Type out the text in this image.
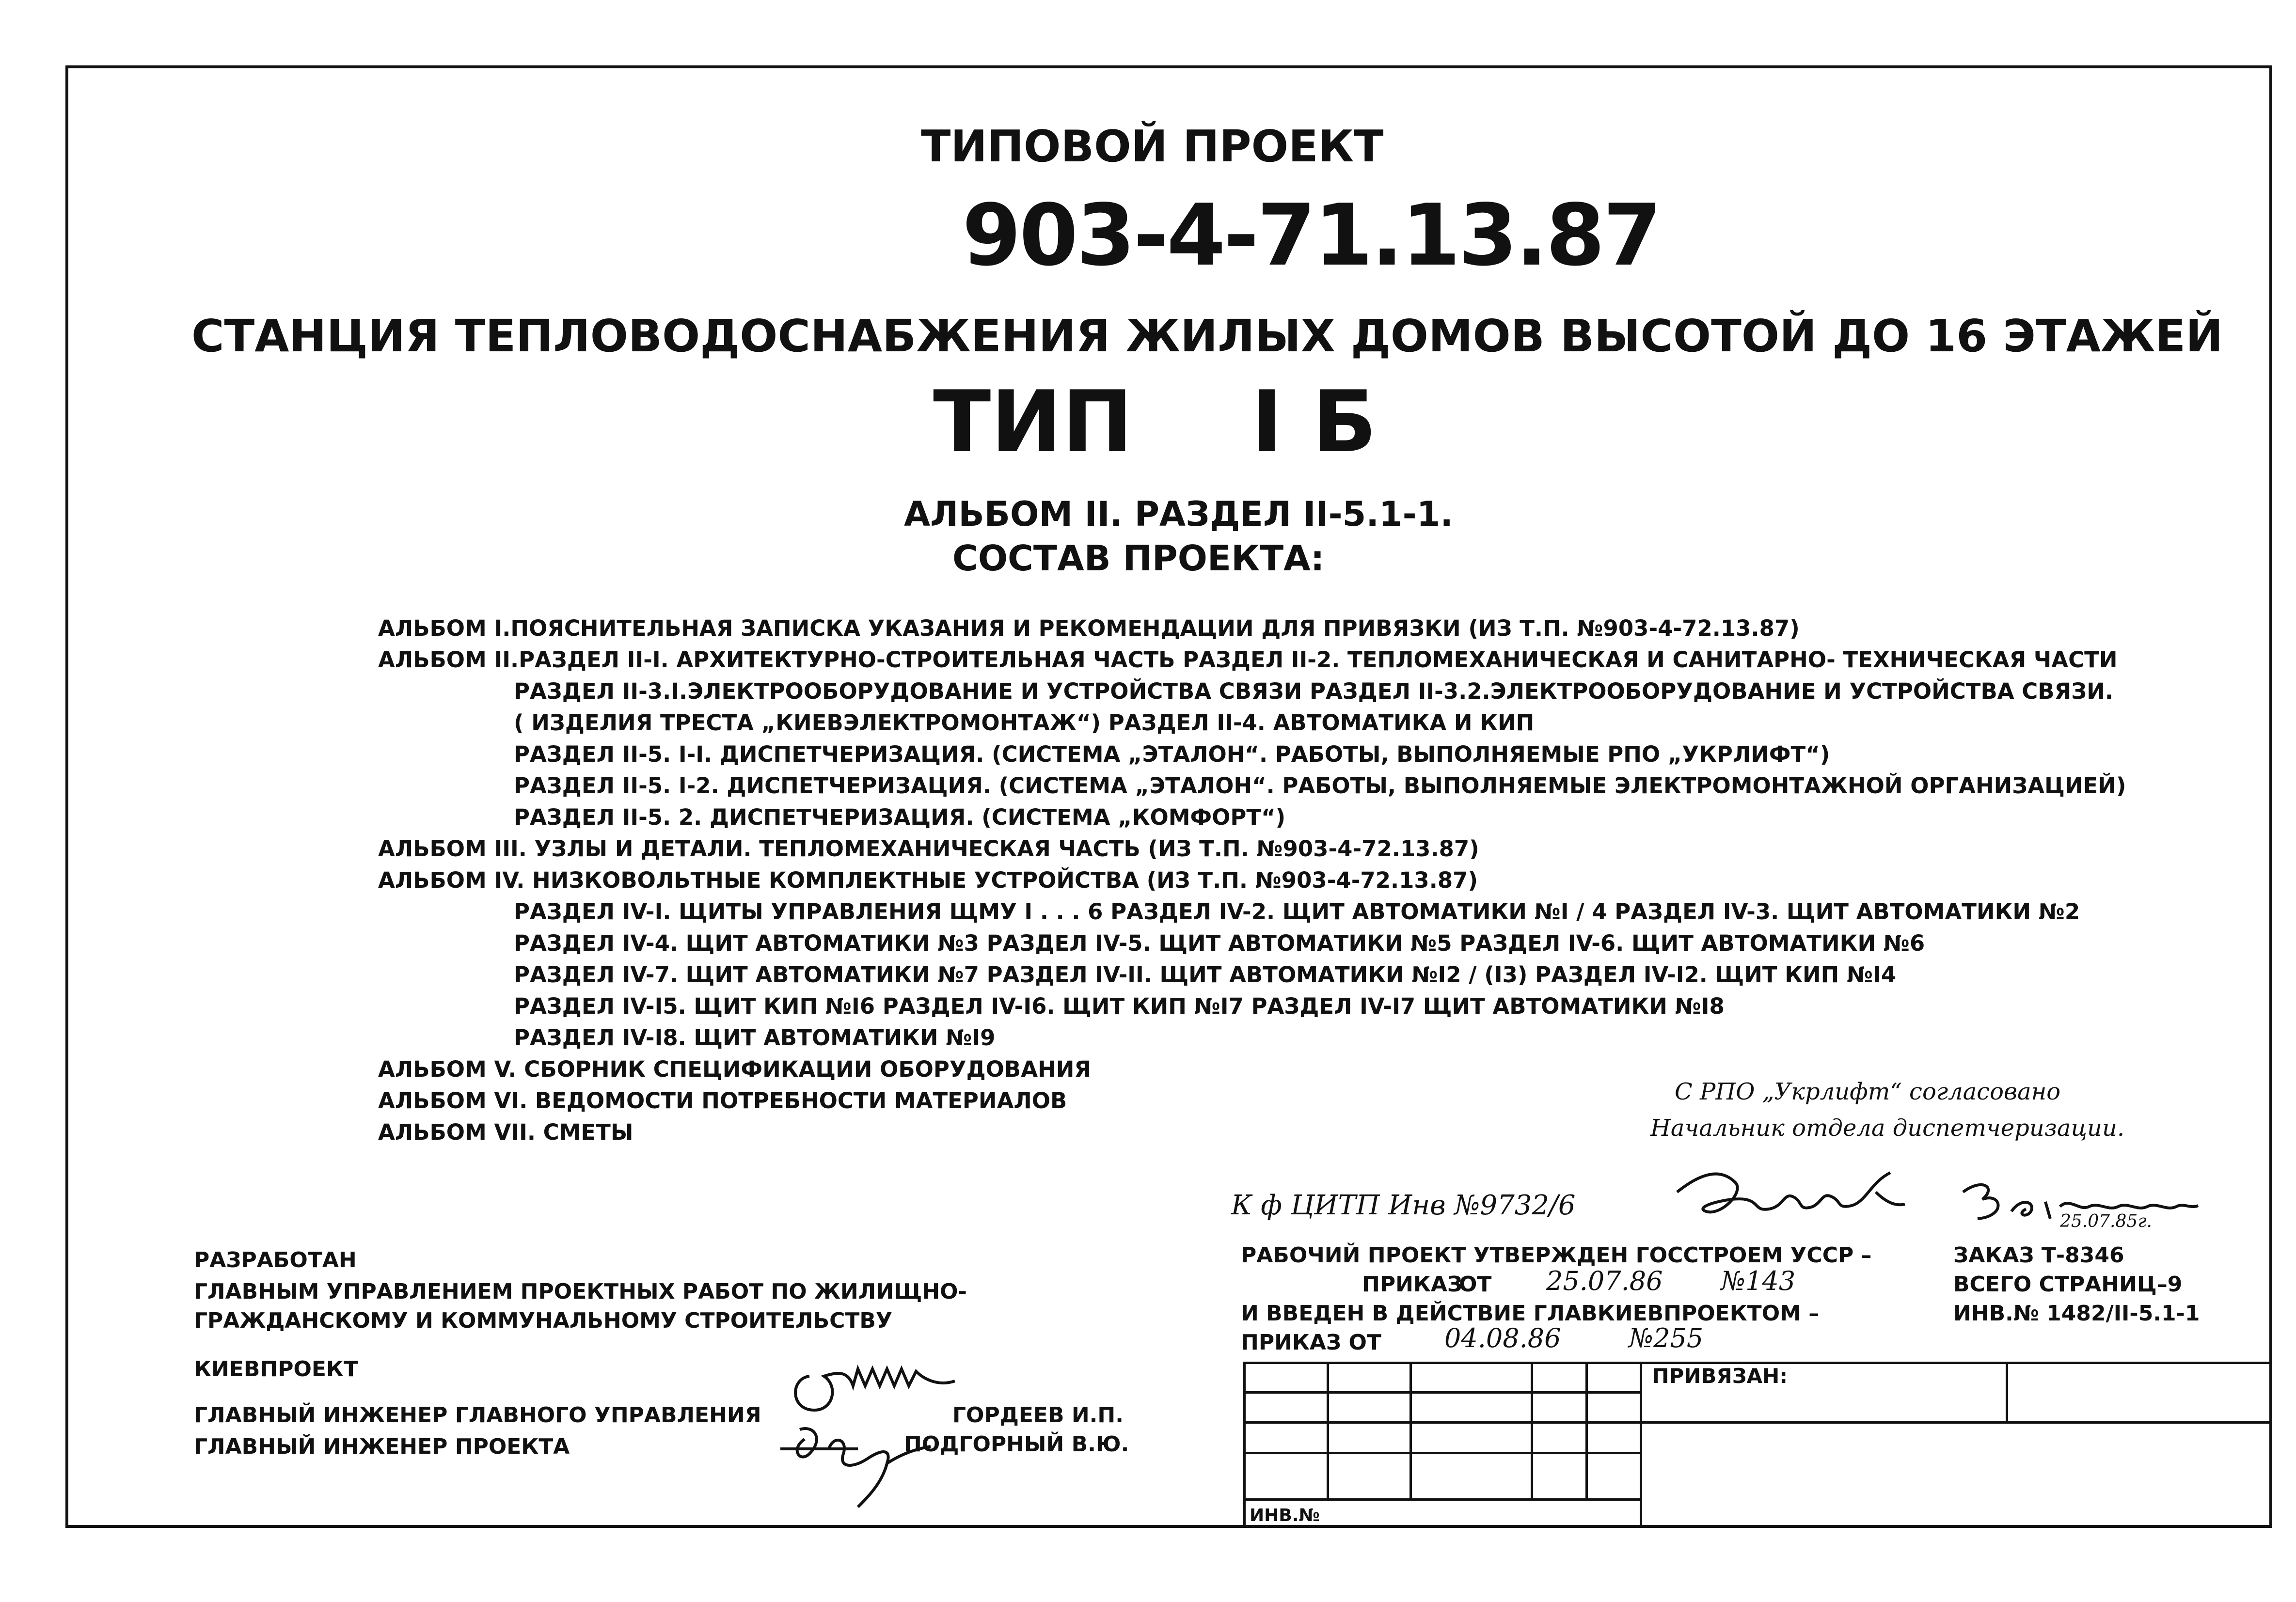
ТИПОВОЙ ПРОЕКТ
903-4-71.13.87
СТАНЦИЯ ТЕПЛОВОДОСНАБЖЕНИЯ ЖИЛЫХ ДОМОВ ВЫСОТОЙ ДО 16 ЭТАЖЕЙ
ТИП    I Б
АЛЬБОМ II. РАЗДЕЛ II-5.1-1.
СОСТАВ ПРОЕКТА:
АЛЬБОМ I.ПОЯСНИТЕЛЬНАЯ ЗАПИСКА УКАЗАНИЯ И РЕКОМЕНДАЦИИ ДЛЯ ПРИВЯЗКИ (ИЗ Т.П. №903-4-72.13.87)
АЛЬБОМ II.РАЗДЕЛ II-I. АРХИТЕКТУРНО-СТРОИТЕЛЬНАЯ ЧАСТЬ РАЗДЕЛ II-2. ТЕПЛОМЕХАНИЧЕСКАЯ И САНИТАРНО- ТЕХНИЧЕСКАЯ ЧАСТИ
РАЗДЕЛ II-3.I.ЭЛЕКТРООБОРУДОВАНИЕ И УСТРОЙСТВА СВЯЗИ РАЗДЕЛ II-3.2.ЭЛЕКТРООБОРУДОВАНИЕ И УСТРОЙСТВА СВЯЗИ.
( ИЗДЕЛИЯ ТРЕСТА „КИЕВЭЛЕКТРОМОНТАЖ“) РАЗДЕЛ II-4. АВТОМАТИКА И КИП
РАЗДЕЛ II-5. I-I. ДИСПЕТЧЕРИЗАЦИЯ. (СИСТЕМА „ЭТАЛОН“. РАБОТЫ, ВЫПОЛНЯЕМЫЕ РПО „УКРЛИФТ“)
РАЗДЕЛ II-5. I-2. ДИСПЕТЧЕРИЗАЦИЯ. (СИСТЕМА „ЭТАЛОН“. РАБОТЫ, ВЫПОЛНЯЕМЫЕ ЭЛЕКТРОМОНТАЖНОЙ ОРГАНИЗАЦИЕЙ)
РАЗДЕЛ II-5. 2. ДИСПЕТЧЕРИЗАЦИЯ. (СИСТЕМА „КОМФОРТ“)
АЛЬБОМ III. УЗЛЫ И ДЕТАЛИ. ТЕПЛОМЕХАНИЧЕСКАЯ ЧАСТЬ (ИЗ Т.П. №903-4-72.13.87)
АЛЬБОМ IV. НИЗКОВОЛЬТНЫЕ КОМПЛЕКТНЫЕ УСТРОЙСТВА (ИЗ Т.П. №903-4-72.13.87)
РАЗДЕЛ IV-I. ЩИТЫ УПРАВЛЕНИЯ ЩМУ I . . . 6 РАЗДЕЛ IV-2. ЩИТ АВТОМАТИКИ №I / 4 РАЗДЕЛ IV-3. ЩИТ АВТОМАТИКИ №2
РАЗДЕЛ IV-4. ЩИТ АВТОМАТИКИ №3 РАЗДЕЛ IV-5. ЩИТ АВТОМАТИКИ №5 РАЗДЕЛ IV-6. ЩИТ АВТОМАТИКИ №6
РАЗДЕЛ IV-7. ЩИТ АВТОМАТИКИ №7 РАЗДЕЛ IV-II. ЩИТ АВТОМАТИКИ №I2 / (I3) РАЗДЕЛ IV-I2. ЩИТ КИП №I4
РАЗДЕЛ IV-I5. ЩИТ КИП №I6 РАЗДЕЛ IV-I6. ЩИТ КИП №I7 РАЗДЕЛ IV-I7 ЩИТ АВТОМАТИКИ №I8
РАЗДЕЛ IV-I8. ЩИТ АВТОМАТИКИ №I9
АЛЬБОМ V. СБОРНИК СПЕЦИФИКАЦИИ ОБОРУДОВАНИЯ
АЛЬБОМ VI. ВЕДОМОСТИ ПОТРЕБНОСТИ МАТЕРИАЛОВ
АЛЬБОМ VII. СМЕТЫ
С РПО „Укрлифт“ согласовано
Начальник отдела диспетчеризации.
К ф ЦИТП Инв №9732/6
25.07.85г.
РАЗРАБОТАН
ГЛАВНЫМ УПРАВЛЕНИЕМ ПРОЕКТНЫХ РАБОТ ПО ЖИЛИЩНО-
ГРАЖДАНСКОМУ И КОММУНАЛЬНОМУ СТРОИТЕЛЬСТВУ
КИЕВПРОЕКТ
ГЛАВНЫЙ ИНЖЕНЕР ГЛАВНОГО УПРАВЛЕНИЯ
ГЛАВНЫЙ ИНЖЕНЕР ПРОЕКТА
ГОРДЕЕВ И.П.
ПОДГОРНЫЙ В.Ю.
РАБОЧИЙ ПРОЕКТ УТВЕРЖДЕН ГОССТРОЕМ УССР –
ПРИКАЗ
ОТ 25.07.86 №143
И ВВЕДЕН В ДЕЙСТВИЕ ГЛАВКИЕВПРОЕКТОМ –
ПРИКАЗ ОТ 04.08.86	№255
ЗАКАЗ Т-8346
ВСЕГО СТРАНИЦ–9
ИНВ.№ 1482/II-5.1-1
					ПРИВЯЗАН:	

ИНВ.№						
